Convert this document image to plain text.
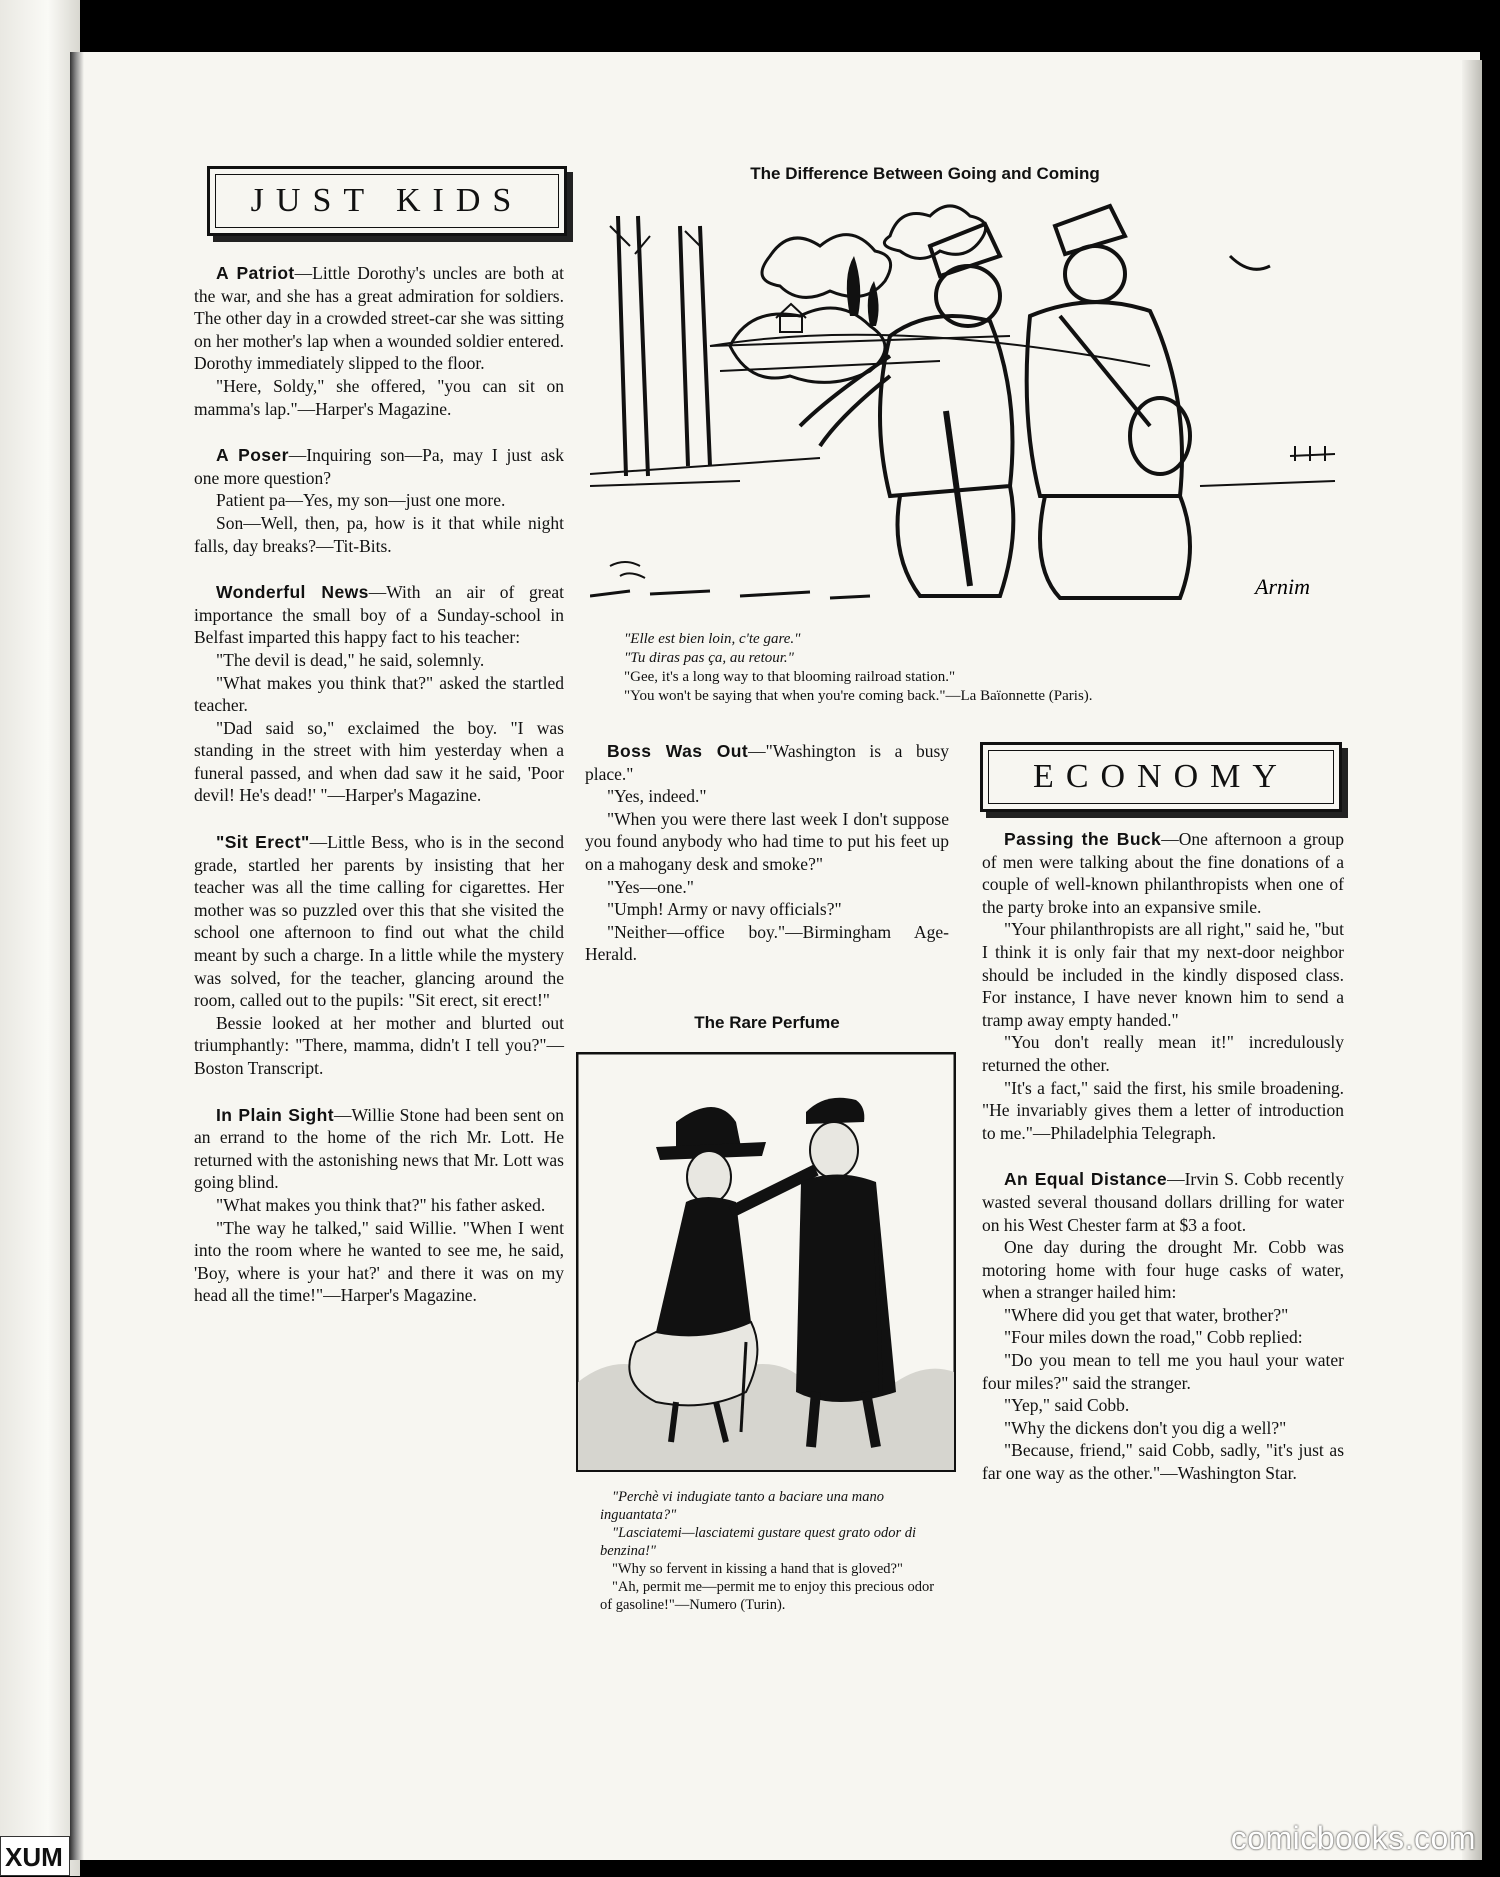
JUST KIDS

A Patriot—Little Dorothy's uncles are both at the war, and she has a great admiration for soldiers. The other day in a crowded street-car she was sitting on her mother's lap when a wounded soldier entered. Dorothy immediately slipped to the floor.

"Here, Soldy," she offered, "you can sit on mamma's lap."—Harper's Magazine.

A Poser—Inquiring son—Pa, may I just ask one more question?

Patient pa—Yes, my son—just one more.

Son—Well, then, pa, how is it that while night falls, day breaks?—Tit-Bits.

Wonderful News—With an air of great importance the small boy of a Sunday-school in Belfast imparted this happy fact to his teacher:

"The devil is dead," he said, solemnly.

"What makes you think that?" asked the startled teacher.

"Dad said so," exclaimed the boy. "I was standing in the street with him yesterday when a funeral passed, and when dad saw it he said, 'Poor devil! He's dead!' "—Harper's Magazine.

"Sit Erect"—Little Bess, who is in the second grade, startled her parents by insisting that her teacher was all the time calling for cigarettes. Her mother was so puzzled over this that she visited the school one afternoon to find out what the child meant by such a charge. In a little while the mystery was solved, for the teacher, glancing around the room, called out to the pupils: "Sit erect, sit erect!"

Bessie looked at her mother and blurted out triumphantly: "There, mamma, didn't I tell you?"—Boston Transcript.

In Plain Sight—Willie Stone had been sent on an errand to the home of the rich Mr. Lott. He returned with the astonishing news that Mr. Lott was going blind.

"What makes you think that?" his father asked.

"The way he talked," said Willie. "When I went into the room where he wanted to see me, he said, 'Boy, where is your hat?' and there it was on my head all the time!"—Harper's Magazine.

The Difference Between Going and Coming
Arnim

"Elle est bien loin, c'te gare."

"Tu diras pas ça, au retour."

"Gee, it's a long way to that blooming railroad station."

"You won't be saying that when you're coming back."—La Baïonnette (Paris).

Boss Was Out—"Washington is a busy place."

"Yes, indeed."

"When you were there last week I don't suppose you found anybody who had time to put his feet up on a mahogany desk and smoke?"

"Yes—one."

"Umph! Army or navy officials?"

"Neither—office boy."—Birmingham Age-Herald.

The Rare Perfume

"Perchè vi indugiate tanto a baciare una mano inguantata?"

"Lasciatemi—lasciatemi gustare quest grato odor di benzina!"

"Why so fervent in kissing a hand that is gloved?"

"Ah, permit me—permit me to enjoy this precious odor of gasoline!"—Numero (Turin).

ECONOMY

Passing the Buck—One afternoon a group of men were talking about the fine donations of a couple of well-known philanthropists when one of the party broke into an expansive smile.

"Your philanthropists are all right," said he, "but I think it is only fair that my next-door neighbor should be included in the kindly disposed class. For instance, I have never known him to send a tramp away empty handed."

"You don't really mean it!" incredulously returned the other.

"It's a fact," said the first, his smile broadening. "He invariably gives them a letter of introduction to me."—Philadelphia Telegraph.

An Equal Distance—Irvin S. Cobb recently wasted several thousand dollars drilling for water on his West Chester farm at $3 a foot.

One day during the drought Mr. Cobb was motoring home with four huge casks of water, when a stranger hailed him:

"Where did you get that water, brother?"

"Four miles down the road," Cobb replied:

"Do you mean to tell me you haul your water four miles?" said the stranger.

"Yep," said Cobb.

"Why the dickens don't you dig a well?"

"Because, friend," said Cobb, sadly, "it's just as far one way as the other."—Washington Star.

XUM
comicbooks.com
